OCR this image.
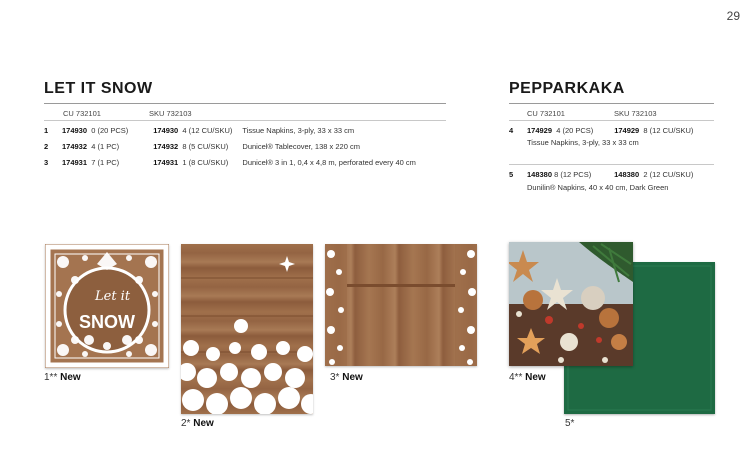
29
LET IT SNOW
CU 732101	SKU 732103
1 174930 0 (20 PCS)	174930 4 (12 CU/SKU) Tissue Napkins, 3-ply, 33 x 33 cm
2 174932 4 (1 PC)	174932 8 (5 CU/SKU) Dunicel® Tablecover, 138 x 220 cm
3 174931 7 (1 PC)	174931 1 (8 CU/SKU) Dunicel® 3 in 1, 0,4 x 4,8 m, perforated every 40 cm
PEPPARKAKA
CU 732101	SKU 732103
4 174929 4 (20 PCS)	174929 8 (12 CU/SKU)
Tissue Napkins, 3-ply, 33 x 33 cm
5 148380 8 (12 PCS)	148380 2 (12 CU/SKU)
Dunilin® Napkins, 40 x 40 cm, Dark Green
Let it
SNOW
1** New
2* New
3* New
5*
4** New
